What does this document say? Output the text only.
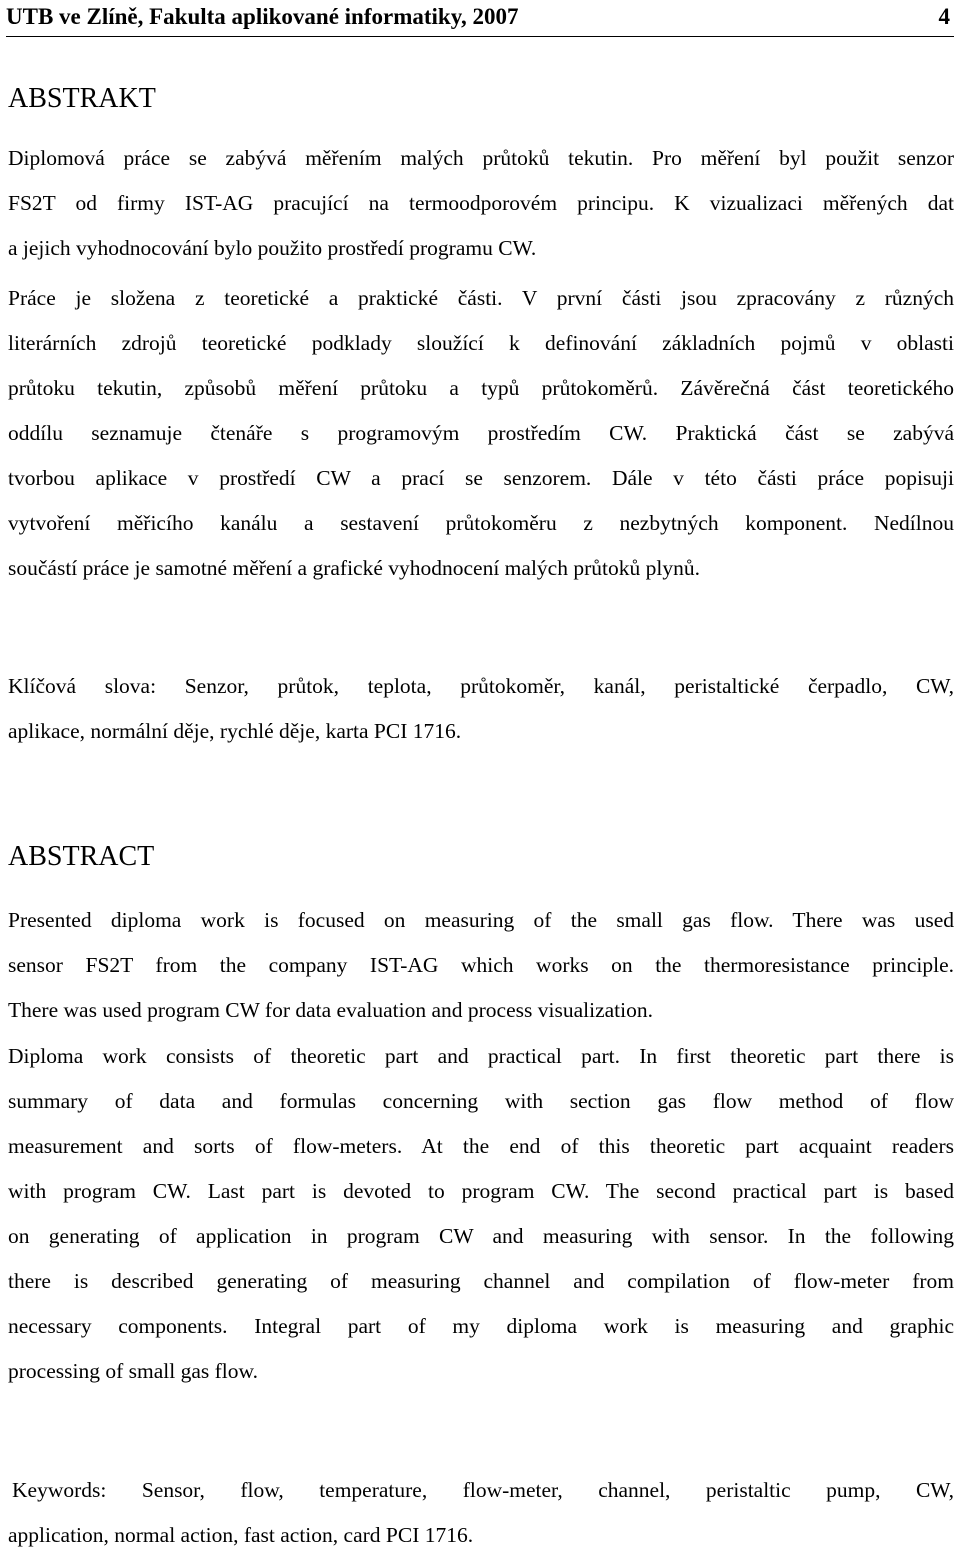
UTB ve Zlíně, Fakulta aplikované informatiky, 2007	4
ABSTRAKT
Diplomová práce se zabývá měřením malých průtoků tekutin. Pro měření byl použit senzor
FS2T od firmy IST-AG pracující na termoodporovém principu. K vizualizaci měřených dat
a jejich vyhodnocování bylo použito prostředí programu CW.
Práce je složena z teoretické a praktické části. V první části jsou zpracovány z různých
literárních zdrojů teoretické podklady sloužící k definování základních pojmů v oblasti
průtoku tekutin, způsobů měření průtoku a typů průtokoměrů. Závěrečná část teoretického
oddílu seznamuje čtenáře s programovým prostředím CW. Praktická část se zabývá
tvorbou aplikace v prostředí CW a prací se senzorem. Dále v této části práce popisuji
vytvoření měřicího kanálu a sestavení průtokoměru z nezbytných komponent. Nedílnou
součástí práce je samotné měření a grafické vyhodnocení malých průtoků plynů.
Klíčová slova: Senzor, průtok, teplota, průtokoměr, kanál, peristaltické čerpadlo, CW,
aplikace, normální děje, rychlé děje, karta PCI 1716.
ABSTRACT
Presented diploma work is focused on measuring of the small gas flow. There was used
sensor FS2T from the company IST-AG which works on the thermoresistance principle.
There was used program CW for data evaluation and process visualization.
Diploma work consists of theoretic part and practical part. In first theoretic part there is
summary of data and formulas concerning with section gas flow method of flow
measurement and sorts of flow-meters. At the end of this theoretic part acquaint readers
with program CW. Last part is devoted to program CW. The second practical part is based
on generating of application in program CW and measuring with sensor. In the following
there is described generating of measuring channel and compilation of flow-meter from
necessary components. Integral part of my diploma work is measuring and graphic
processing of small gas flow.
Keywords: Sensor, flow, temperature, flow-meter, channel, peristaltic pump, CW,
application, normal action, fast action, card PCI 1716.
